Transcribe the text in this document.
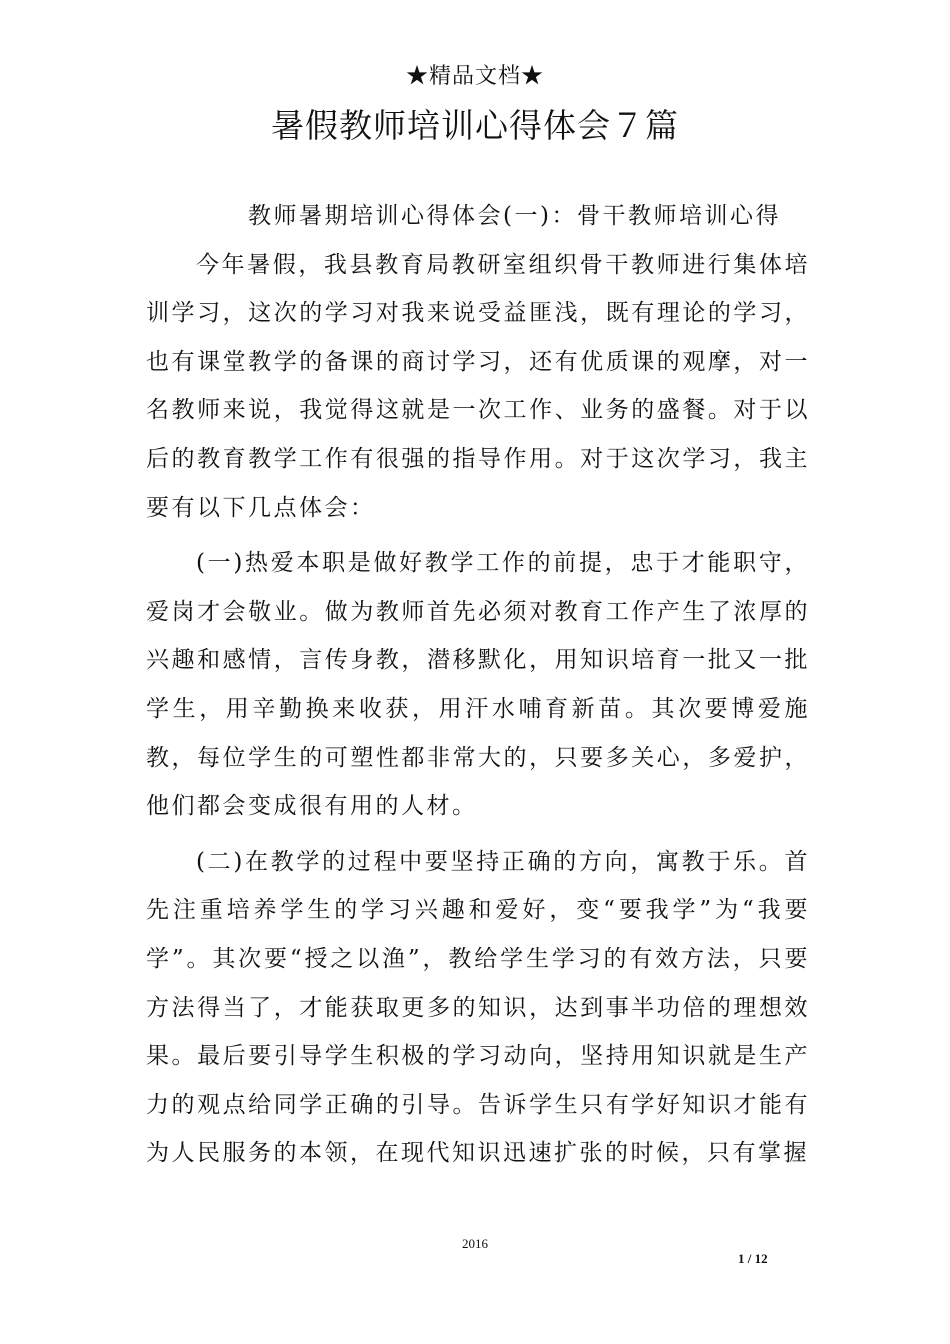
★精品文档★
暑假教师培训心得体会７篇

教师暑期培训心得体会(一)：骨干教师培训心得

今年暑假，我县教育局教研室组织骨干教师进行集体培训学习，这次的学习对我来说受益匪浅，既有理论的学习，也有课堂教学的备课的商讨学习，还有优质课的观摩，对一名教师来说，我觉得这就是一次工作、业务的盛餐。对于以后的教育教学工作有很强的指导作用。对于这次学习，我主要有以下几点体会：

(一)热爱本职是做好教学工作的前提，忠于才能职守，爱岗才会敬业。做为教师首先必须对教育工作产生了浓厚的兴趣和感情，言传身教，潜移默化，用知识培育一批又一批学生，用辛勤换来收获，用汗水哺育新苗。其次要博爱施教，每位学生的可塑性都非常大的，只要多关心，多爱护，他们都会变成很有用的人材。

(二)在教学的过程中要坚持正确的方向，寓教于乐。首先注重培养学生的学习兴趣和爱好，变“要我学”为“我要学”。其次要“授之以渔”，教给学生学习的有效方法，只要方法得当了，才能获取更多的知识，达到事半功倍的理想效果。最后要引导学生积极的学习动向，坚持用知识就是生产力的观点给同学正确的引导。告诉学生只有学好知识才能有为人民服务的本领，在现代知识迅速扩张的时候，只有掌握

2016
1 / 12
